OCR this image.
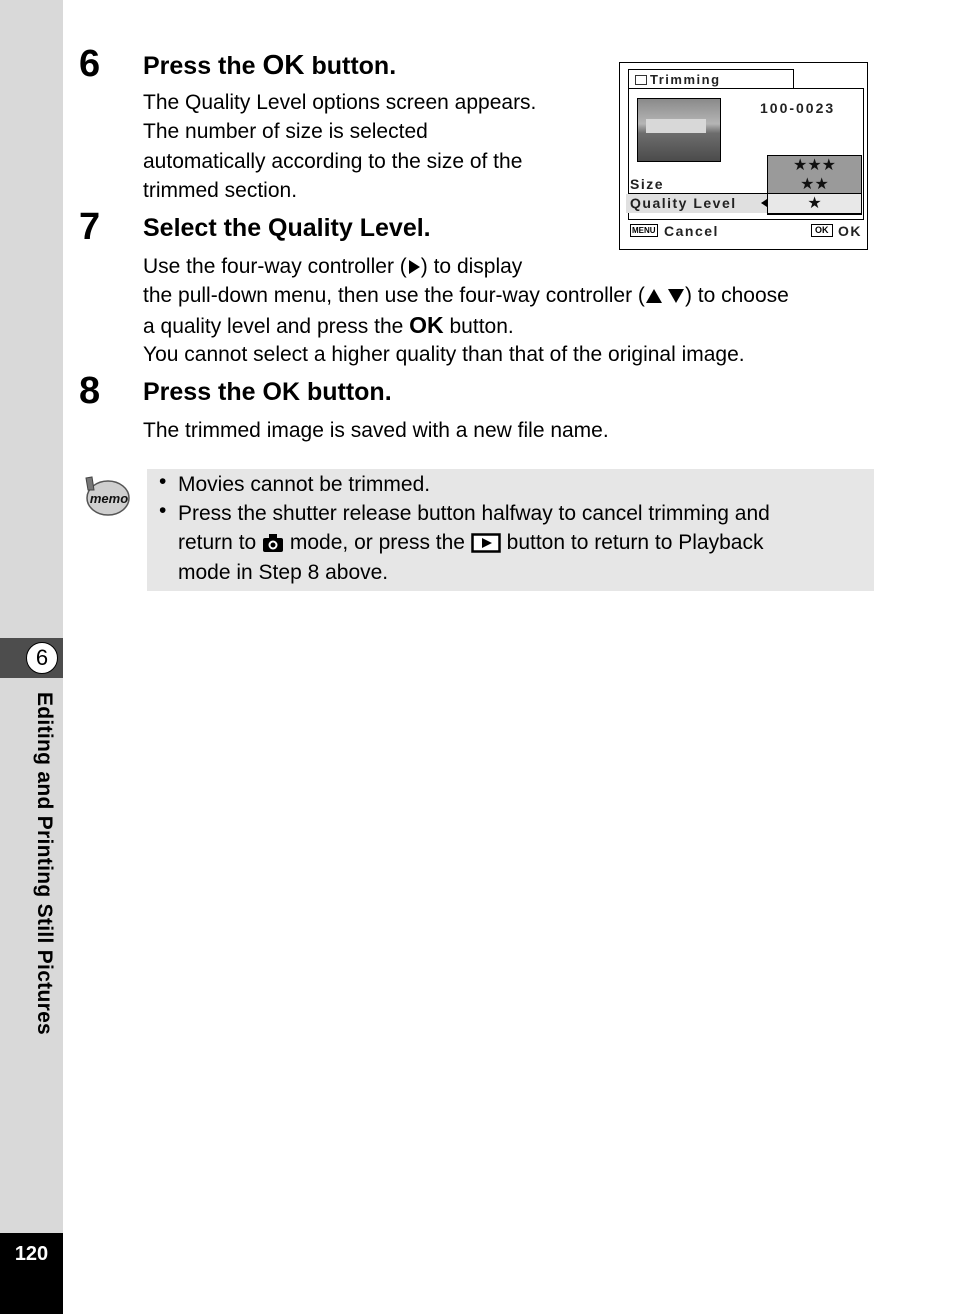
6
Editing and Printing Still Pictures
120
6 Press the OK button.
The Quality Level options screen appears.
The number of size is selected
automatically according to the size of the
trimmed section.
Trimming
100-0023
Size
Quality Level
★★★
★★
★
MENU Cancel	OK OK
7 Select the Quality Level.
Use the four-way controller ( ) to display
the pull-down menu, then use the four-way controller ( ) to choose
a quality level and press the OK button.
You cannot select a higher quality than that of the original image.
8 Press the OK button.
The trimmed image is saved with a new file name.
memo
• Movies cannot be trimmed.
• Press the shutter release button halfway to cancel trimming and
return to  mode, or press the  button to return to Playback
mode in Step 8 above.
